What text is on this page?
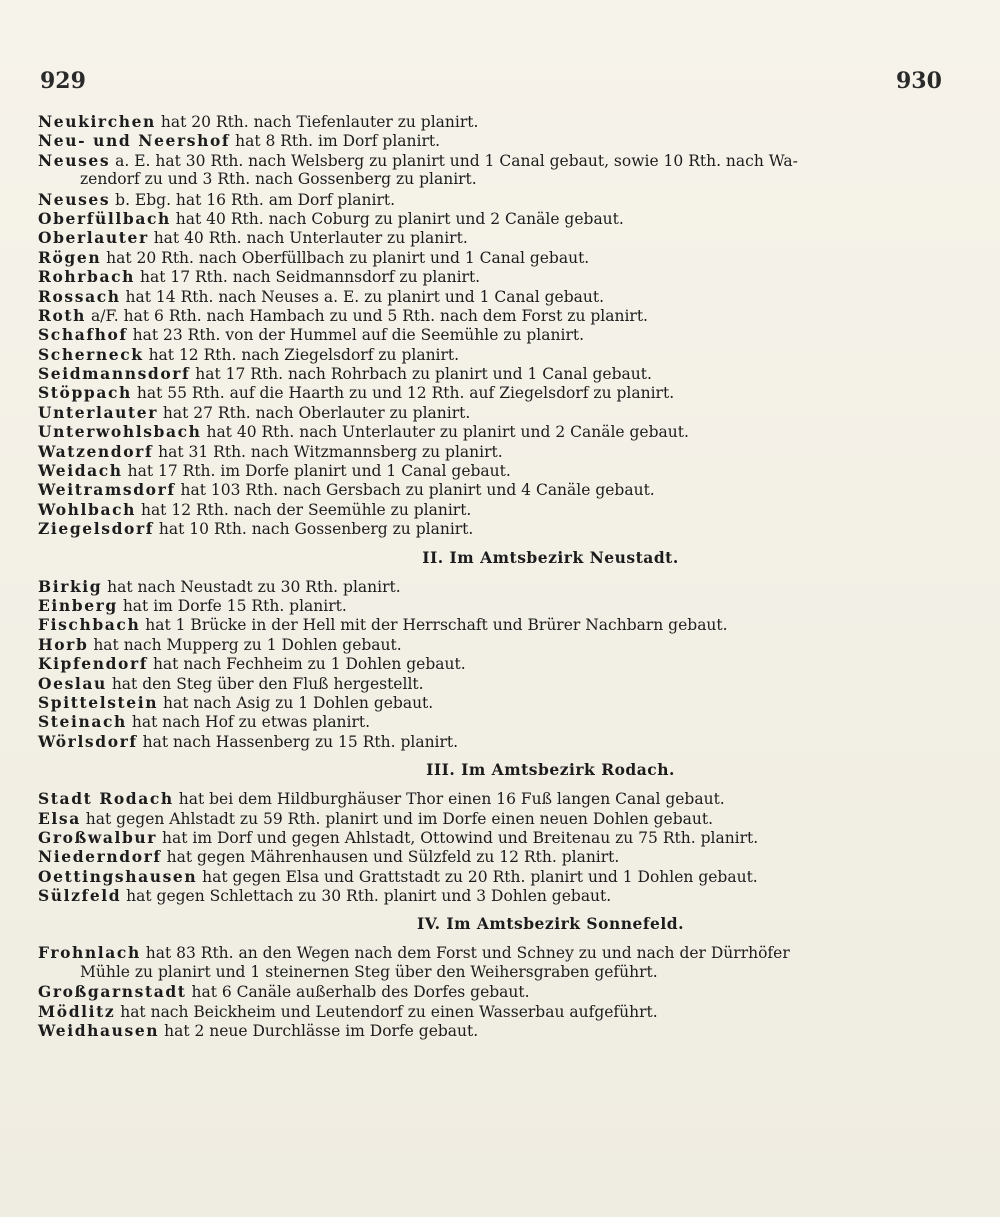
929	930
Neukirchen hat 20 Rth. nach Tiefenlauter zu planirt.
Neu- und Neershof hat 8 Rth. im Dorf planirt.
Neuses a. E. hat 30 Rth. nach Welsberg zu planirt und 1 Canal gebaut, sowie 10 Rth. nach Wa-
zendorf zu und 3 Rth. nach Gossenberg zu planirt.
Neuses b. Ebg. hat 16 Rth. am Dorf planirt.
Oberfüllbach hat 40 Rth. nach Coburg zu planirt und 2 Canäle gebaut.
Oberlauter hat 40 Rth. nach Unterlauter zu planirt.
Rögen hat 20 Rth. nach Oberfüllbach zu planirt und 1 Canal gebaut.
Rohrbach hat 17 Rth. nach Seidmannsdorf zu planirt.
Rossach hat 14 Rth. nach Neuses a. E. zu planirt und 1 Canal gebaut.
Roth a/F. hat 6 Rth. nach Hambach zu und 5 Rth. nach dem Forst zu planirt.
Schafhof hat 23 Rth. von der Hummel auf die Seemühle zu planirt.
Scherneck hat 12 Rth. nach Ziegelsdorf zu planirt.
Seidmannsdorf hat 17 Rth. nach Rohrbach zu planirt und 1 Canal gebaut.
Stöppach hat 55 Rth. auf die Haarth zu und 12 Rth. auf Ziegelsdorf zu planirt.
Unterlauter hat 27 Rth. nach Oberlauter zu planirt.
Unterwohlsbach hat 40 Rth. nach Unterlauter zu planirt und 2 Canäle gebaut.
Watzendorf hat 31 Rth. nach Witzmannsberg zu planirt.
Weidach hat 17 Rth. im Dorfe planirt und 1 Canal gebaut.
Weitramsdorf hat 103 Rth. nach Gersbach zu planirt und 4 Canäle gebaut.
Wohlbach hat 12 Rth. nach der Seemühle zu planirt.
Ziegelsdorf hat 10 Rth. nach Gossenberg zu planirt.
II. Im Amtsbezirk Neustadt.
Birkig hat nach Neustadt zu 30 Rth. planirt.
Einberg hat im Dorfe 15 Rth. planirt.
Fischbach hat 1 Brücke in der Hell mit der Herrschaft und Brürer Nachbarn gebaut.
Horb hat nach Mupperg zu 1 Dohlen gebaut.
Kipfendorf hat nach Fechheim zu 1 Dohlen gebaut.
Oeslau hat den Steg über den Fluß hergestellt.
Spittelstein hat nach Asig zu 1 Dohlen gebaut.
Steinach hat nach Hof zu etwas planirt.
Wörlsdorf hat nach Hassenberg zu 15 Rth. planirt.
III. Im Amtsbezirk Rodach.
Stadt Rodach hat bei dem Hildburghäuser Thor einen 16 Fuß langen Canal gebaut.
Elsa hat gegen Ahlstadt zu 59 Rth. planirt und im Dorfe einen neuen Dohlen gebaut.
Großwalbur hat im Dorf und gegen Ahlstadt, Ottowind und Breitenau zu 75 Rth. planirt.
Niederndorf hat gegen Mährenhausen und Sülzfeld zu 12 Rth. planirt.
Oettingshausen hat gegen Elsa und Grattstadt zu 20 Rth. planirt und 1 Dohlen gebaut.
Sülzfeld hat gegen Schlettach zu 30 Rth. planirt und 3 Dohlen gebaut.
IV. Im Amtsbezirk Sonnefeld.
Frohnlach hat 83 Rth. an den Wegen nach dem Forst und Schney zu und nach der Dürrhöfer
Mühle zu planirt und 1 steinernen Steg über den Weihersgraben geführt.
Großgarnstadt hat 6 Canäle außerhalb des Dorfes gebaut.
Mödlitz hat nach Beickheim und Leutendorf zu einen Wasserbau aufgeführt.
Weidhausen hat 2 neue Durchlässe im Dorfe gebaut.
